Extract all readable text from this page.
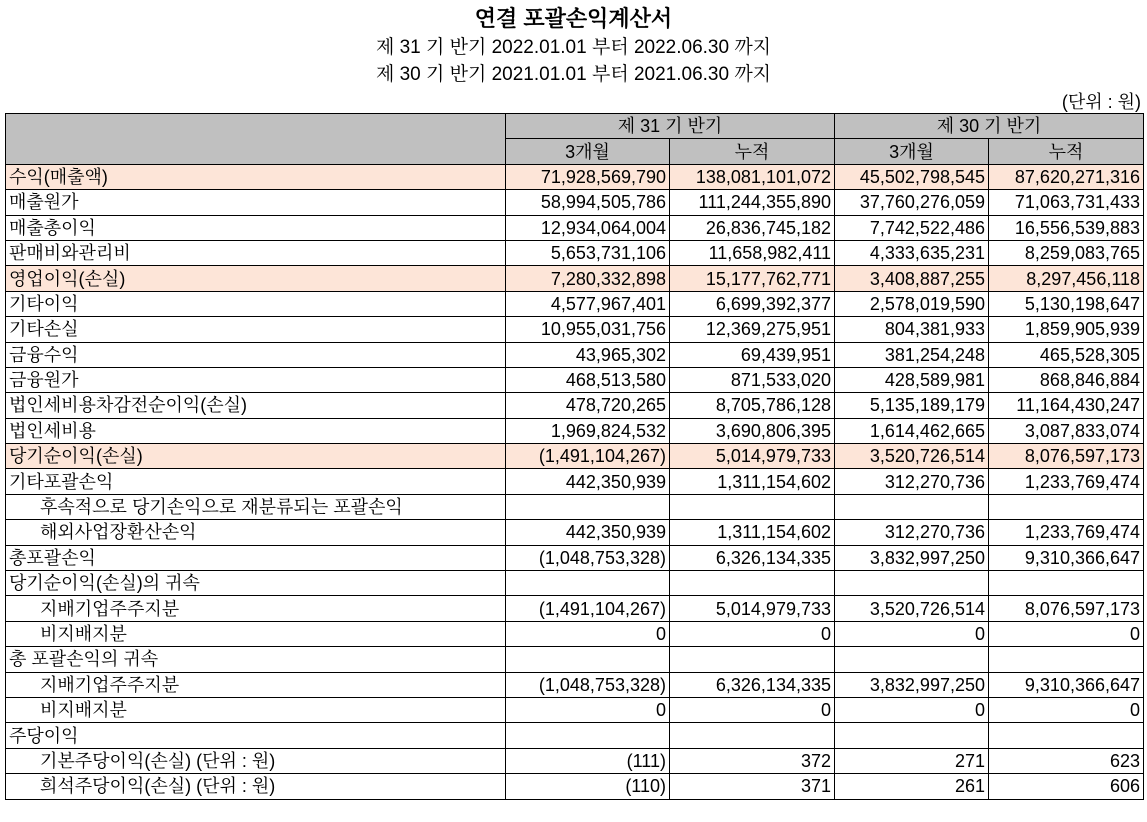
연결 포괄손익계산서
제 31 기 반기 2022.01.01 부터 2022.06.30 까지
제 30 기 반기 2021.01.01 부터 2021.06.30 까지
(단위 : 원)
	제 31 기 반기		제 30 기 반기	
	3개월	누적	3개월	누적
수익(매출액)	71,928,569,790	138,081,101,072	45,502,798,545	87,620,271,316
매출원가	58,994,505,786	111,244,355,890	37,760,276,059	71,063,731,433
매출총이익	12,934,064,004	26,836,745,182	7,742,522,486	16,556,539,883
판매비와관리비	5,653,731,106	11,658,982,411	4,333,635,231	8,259,083,765
영업이익(손실)	7,280,332,898	15,177,762,771	3,408,887,255	8,297,456,118
기타이익	4,577,967,401	6,699,392,377	2,578,019,590	5,130,198,647
기타손실	10,955,031,756	12,369,275,951	804,381,933	1,859,905,939
금융수익	43,965,302	69,439,951	381,254,248	465,528,305
금융원가	468,513,580	871,533,020	428,589,981	868,846,884
법인세비용차감전순이익(손실)	478,720,265	8,705,786,128	5,135,189,179	11,164,430,247
법인세비용	1,969,824,532	3,690,806,395	1,614,462,665	3,087,833,074
당기순이익(손실)	(1,491,104,267)	5,014,979,733	3,520,726,514	8,076,597,173
기타포괄손익	442,350,939	1,311,154,602	312,270,736	1,233,769,474
후속적으로 당기손익으로 재분류되는 포괄손익				
해외사업장환산손익	442,350,939	1,311,154,602	312,270,736	1,233,769,474
총포괄손익	(1,048,753,328)	6,326,134,335	3,832,997,250	9,310,366,647
당기순이익(손실)의 귀속				
지배기업주주지분	(1,491,104,267)	5,014,979,733	3,520,726,514	8,076,597,173
비지배지분	0	0	0	0
총 포괄손익의 귀속				
지배기업주주지분	(1,048,753,328)	6,326,134,335	3,832,997,250	9,310,366,647
비지배지분	0	0	0	0
주당이익				
기본주당이익(손실) (단위 : 원)	(111)	372	271	623
희석주당이익(손실) (단위 : 원)	(110)	371	261	606
